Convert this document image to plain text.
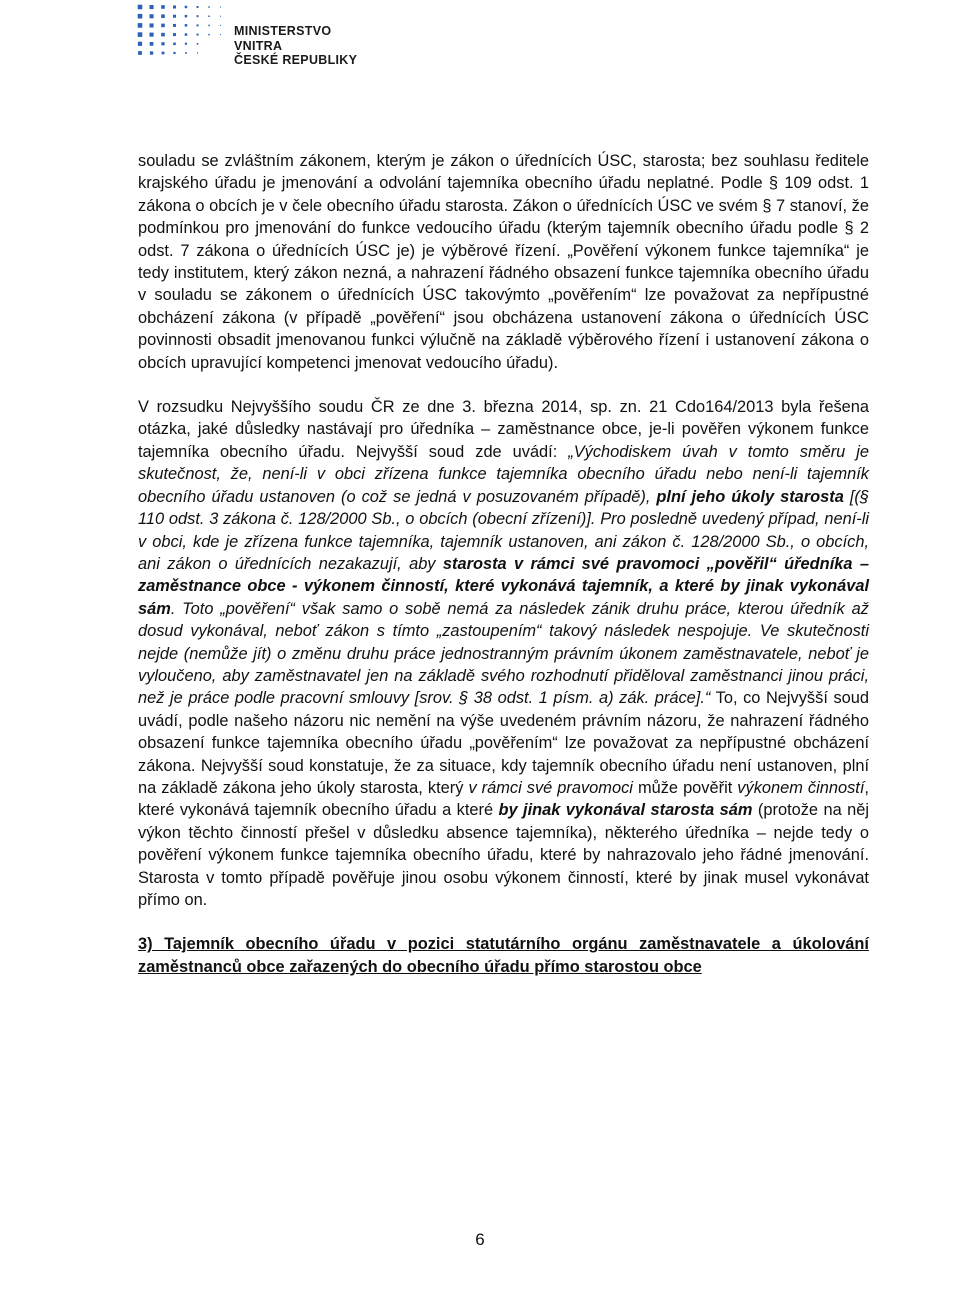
MINISTERSTVO VNITRA
ČESKÉ REPUBLIKY

souladu se zvláštním zákonem, kterým je zákon o úřednících ÚSC, starosta; bez souhlasu ředitele krajského úřadu je jmenování a odvolání tajemníka obecního úřadu neplatné. Podle § 109 odst. 1 zákona o obcích je v čele obecního úřadu starosta. Zákon o úřednících ÚSC ve svém § 7 stanoví, že podmínkou pro jmenování do funkce vedoucího úřadu (kterým tajemník obecního úřadu podle § 2 odst. 7 zákona o úřednících ÚSC je) je výběrové řízení. „Pověření výkonem funkce tajemníka“ je tedy institutem, který zákon nezná, a nahrazení řádného obsazení funkce tajemníka obecního úřadu v souladu se zákonem o úřednících ÚSC takovýmto „pověřením“ lze považovat za nepřípustné obcházení zákona (v případě „pověření“ jsou obcházena ustanovení zákona o úřednících ÚSC povinnosti obsadit jmenovanou funkci výlučně na základě výběrového řízení i ustanovení zákona o obcích upravující kompetenci jmenovat vedoucího úřadu).

V rozsudku Nejvyššího soudu ČR ze dne 3. března 2014, sp. zn. 21 Cdo164/2013 byla řešena otázka, jaké důsledky nastávají pro úředníka – zaměstnance obce, je-li pověřen výkonem funkce tajemníka obecního úřadu. Nejvyšší soud zde uvádí: „Východiskem úvah v tomto směru je skutečnost, že, není-li v obci zřízena funkce tajemníka obecního úřadu nebo není-li tajemník obecního úřadu ustanoven (o což se jedná v posuzovaném případě), plní jeho úkoly starosta [(§ 110 odst. 3 zákona č. 128/2000 Sb., o obcích (obecní zřízení)]. Pro posledně uvedený případ, není-li v obci, kde je zřízena funkce tajemníka, tajemník ustanoven, ani zákon č. 128/2000 Sb., o obcích, ani zákon o úřednících nezakazují, aby starosta v rámci své pravomoci „pověřil“ úředníka – zaměstnance obce - výkonem činností, které vykonává tajemník, a které by jinak vykonával sám. Toto „pověření“ však samo o sobě nemá za následek zánik druhu práce, kterou úředník až dosud vykonával, neboť zákon s tímto „zastoupením“ takový následek nespojuje. Ve skutečnosti nejde (nemůže jít) o změnu druhu práce jednostranným právním úkonem zaměstnavatele, neboť je vyloučeno, aby zaměstnavatel jen na základě svého rozhodnutí přiděloval zaměstnanci jinou práci, než je práce podle pracovní smlouvy [srov. § 38 odst. 1 písm. a) zák. práce].“ To, co Nejvyšší soud uvádí, podle našeho názoru nic nemění na výše uvedeném právním názoru, že nahrazení řádného obsazení funkce tajemníka obecního úřadu „pověřením“ lze považovat za nepřípustné obcházení zákona. Nejvyšší soud konstatuje, že za situace, kdy tajemník obecního úřadu není ustanoven, plní na základě zákona jeho úkoly starosta, který v rámci své pravomoci může pověřit výkonem činností, které vykonává tajemník obecního úřadu a které by jinak vykonával starosta sám (protože na něj výkon těchto činností přešel v důsledku absence tajemníka), některého úředníka – nejde tedy o pověření výkonem funkce tajemníka obecního úřadu, které by nahrazovalo jeho řádné jmenování. Starosta v tomto případě pověřuje jinou osobu výkonem činností, které by jinak musel vykonávat přímo on.

3) Tajemník obecního úřadu v pozici statutárního orgánu zaměstnavatele a úkolování zaměstnanců obce zařazených do obecního úřadu přímo starostou obce

6
